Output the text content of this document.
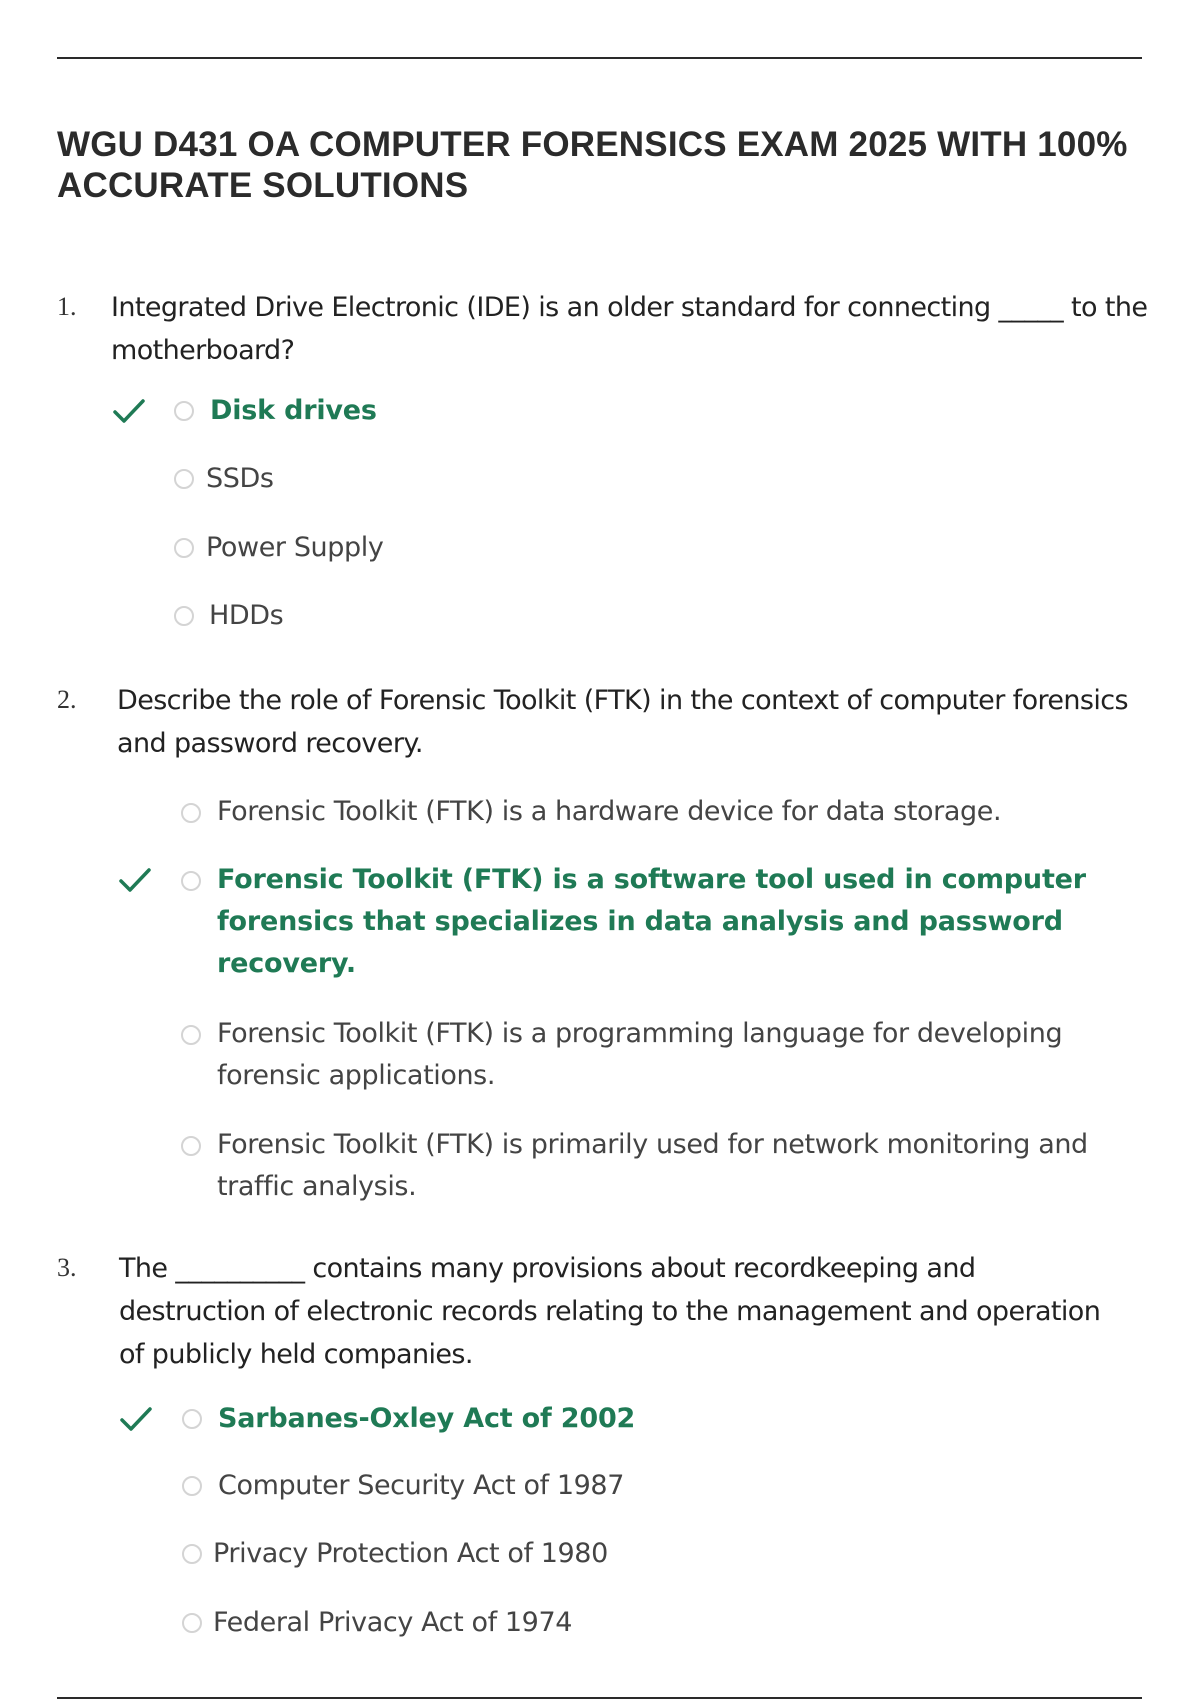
WGU D431 OA COMPUTER FORENSICS EXAM 2025 WITH 100% ACCURATE SOLUTIONS
1. Integrated Drive Electronic (IDE) is an older standard for connecting _____ to the motherboard?
Disk drives
SSDs
Power Supply
HDDs
2. Describe the role of Forensic Toolkit (FTK) in the context of computer forensics and password recovery.
Forensic Toolkit (FTK) is a hardware device for data storage.
Forensic Toolkit (FTK) is a software tool used in computer forensics that specializes in data analysis and password recovery.
Forensic Toolkit (FTK) is a programming language for developing forensic applications.
Forensic Toolkit (FTK) is primarily used for network monitoring and traffic analysis.
3. The __________ contains many provisions about recordkeeping and destruction of electronic records relating to the management and operation of publicly held companies.
Sarbanes-Oxley Act of 2002
Computer Security Act of 1987
Privacy Protection Act of 1980
Federal Privacy Act of 1974
